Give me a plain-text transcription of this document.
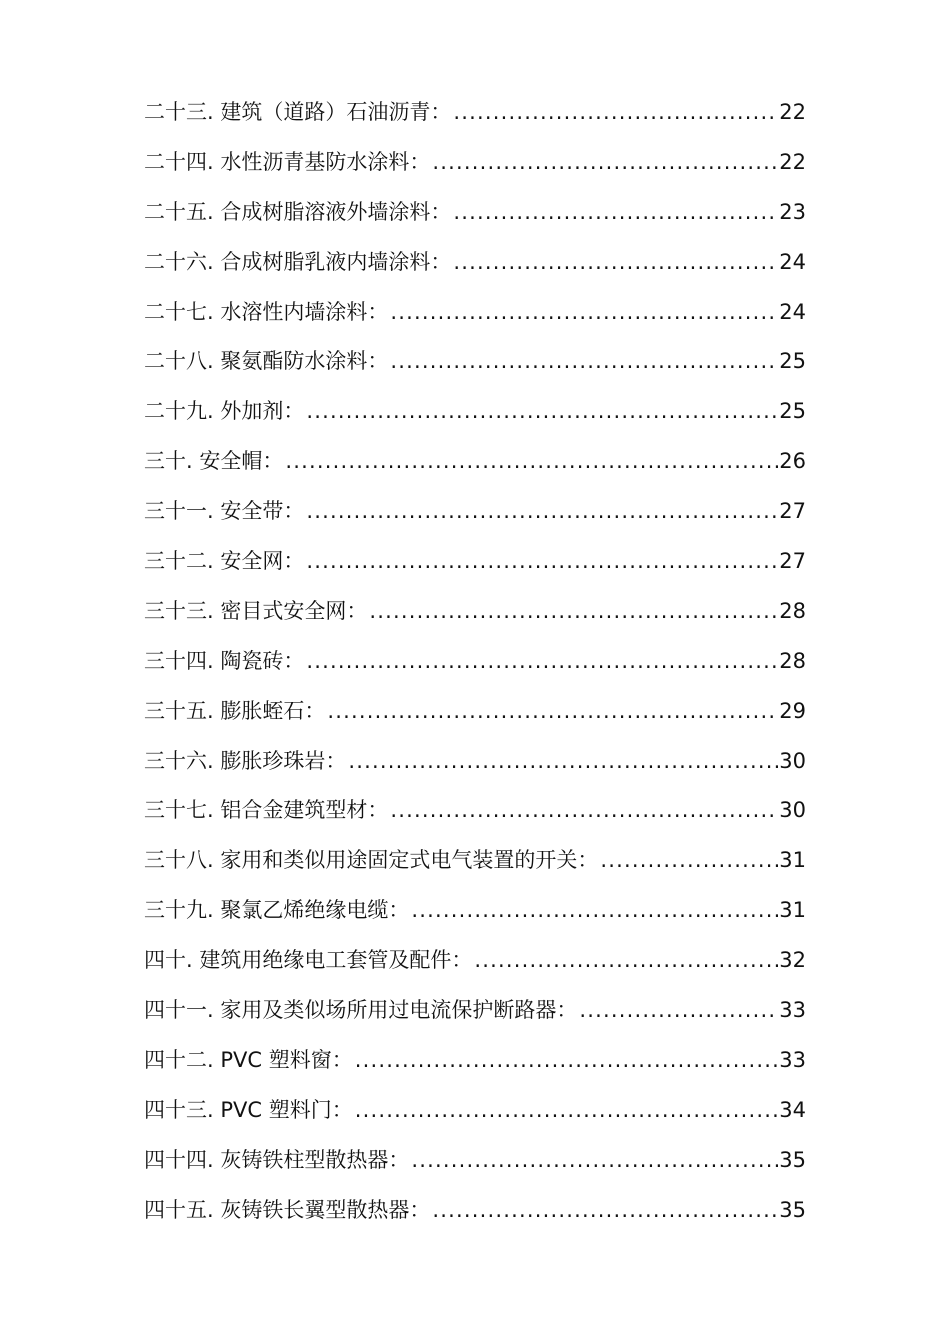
二十三. 建筑（道路）石油沥青： .....	22
二十四. 水性沥青基防水涂料： .....	22
二十五. 合成树脂溶液外墙涂料： .....	23
二十六. 合成树脂乳液内墙涂料： .....	24
二十七. 水溶性内墙涂料： .....	24
二十八. 聚氨酯防水涂料： .....	25
二十九. 外加剂： .....	25
三十. 安全帽： .....	26
三十一. 安全带： .....	27
三十二. 安全网： .....	27
三十三. 密目式安全网： .....	28
三十四. 陶瓷砖： .....	28
三十五. 膨胀蛭石： .....	29
三十六. 膨胀珍珠岩： .....	30
三十七. 铝合金建筑型材： .....	30
三十八. 家用和类似用途固定式电气装置的开关： .....	31
三十九. 聚氯乙烯绝缘电缆： .....	31
四十. 建筑用绝缘电工套管及配件： .....	32
四十一. 家用及类似场所用过电流保护断路器： .....	33
四十二. PVC 塑料窗： .....	33
四十三. PVC 塑料门： .....	34
四十四. 灰铸铁柱型散热器： .....	35
四十五. 灰铸铁长翼型散热器： .....	35
